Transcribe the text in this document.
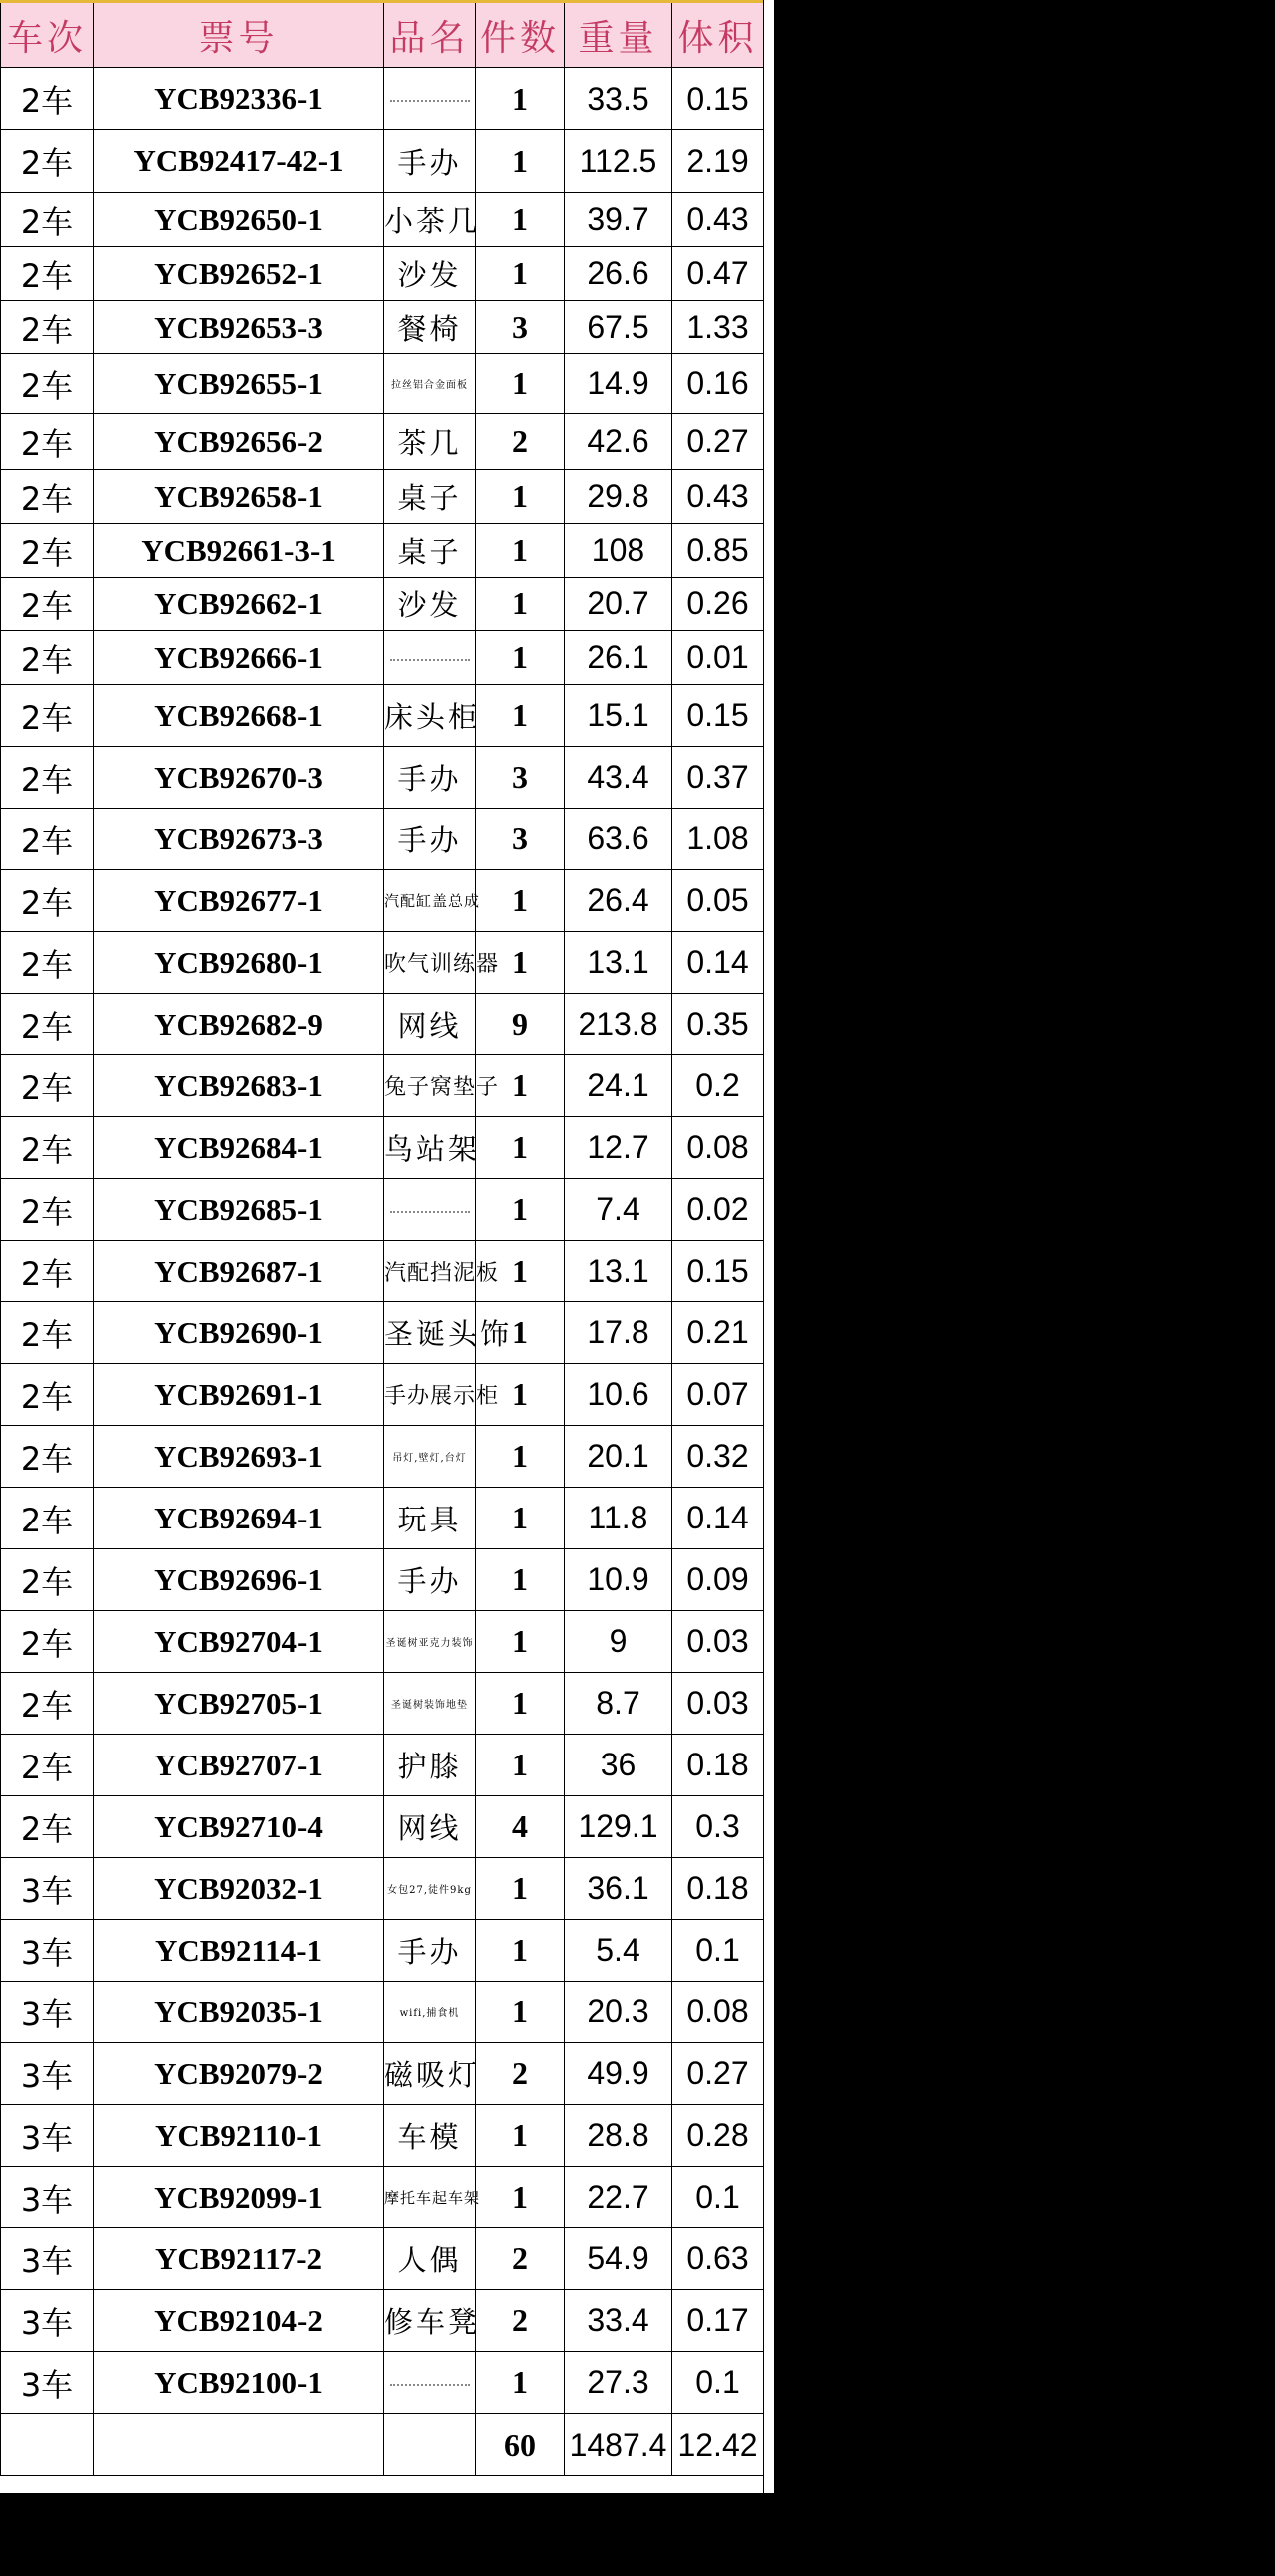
车次	票号	品名	件数	重量	体积
2车	YCB92336-1		1	33.5	0.15
2车	YCB92417-42-1	手办	1	112.5	2.19
2车	YCB92650-1	小茶几	1	39.7	0.43
2车	YCB92652-1	沙发	1	26.6	0.47
2车	YCB92653-3	餐椅	3	67.5	1.33
2车	YCB92655-1	拉丝铝合金面板	1	14.9	0.16
2车	YCB92656-2	茶几	2	42.6	0.27
2车	YCB92658-1	桌子	1	29.8	0.43
2车	YCB92661-3-1	桌子	1	108	0.85
2车	YCB92662-1	沙发	1	20.7	0.26
2车	YCB92666-1		1	26.1	0.01
2车	YCB92668-1	床头柜	1	15.1	0.15
2车	YCB92670-3	手办	3	43.4	0.37
2车	YCB92673-3	手办	3	63.6	1.08
2车	YCB92677-1	汽配缸盖总成	1	26.4	0.05
2车	YCB92680-1	吹气训练器	1	13.1	0.14
2车	YCB92682-9	网线	9	213.8	0.35
2车	YCB92683-1	兔子窝垫子	1	24.1	0.2
2车	YCB92684-1	鸟站架	1	12.7	0.08
2车	YCB92685-1		1	7.4	0.02
2车	YCB92687-1	汽配挡泥板	1	13.1	0.15
2车	YCB92690-1	圣诞头饰	1	17.8	0.21
2车	YCB92691-1	手办展示柜	1	10.6	0.07
2车	YCB92693-1	吊灯,壁灯,台灯	1	20.1	0.32
2车	YCB92694-1	玩具	1	11.8	0.14
2车	YCB92696-1	手办	1	10.9	0.09
2车	YCB92704-1	圣诞树亚克力装饰	1	9	0.03
2车	YCB92705-1	圣诞树装饰地垫	1	8.7	0.03
2车	YCB92707-1	护膝	1	36	0.18
2车	YCB92710-4	网线	4	129.1	0.3
3车	YCB92032-1	女包27,徒件9kg	1	36.1	0.18
3车	YCB92114-1	手办	1	5.4	0.1
3车	YCB92035-1	wifi,捕食机	1	20.3	0.08
3车	YCB92079-2	磁吸灯	2	49.9	0.27
3车	YCB92110-1	车模	1	28.8	0.28
3车	YCB92099-1	摩托车起车架	1	22.7	0.1
3车	YCB92117-2	人偶	2	54.9	0.63
3车	YCB92104-2	修车凳	2	33.4	0.17
3车	YCB92100-1		1	27.3	0.1
			60	1487.4	12.42
